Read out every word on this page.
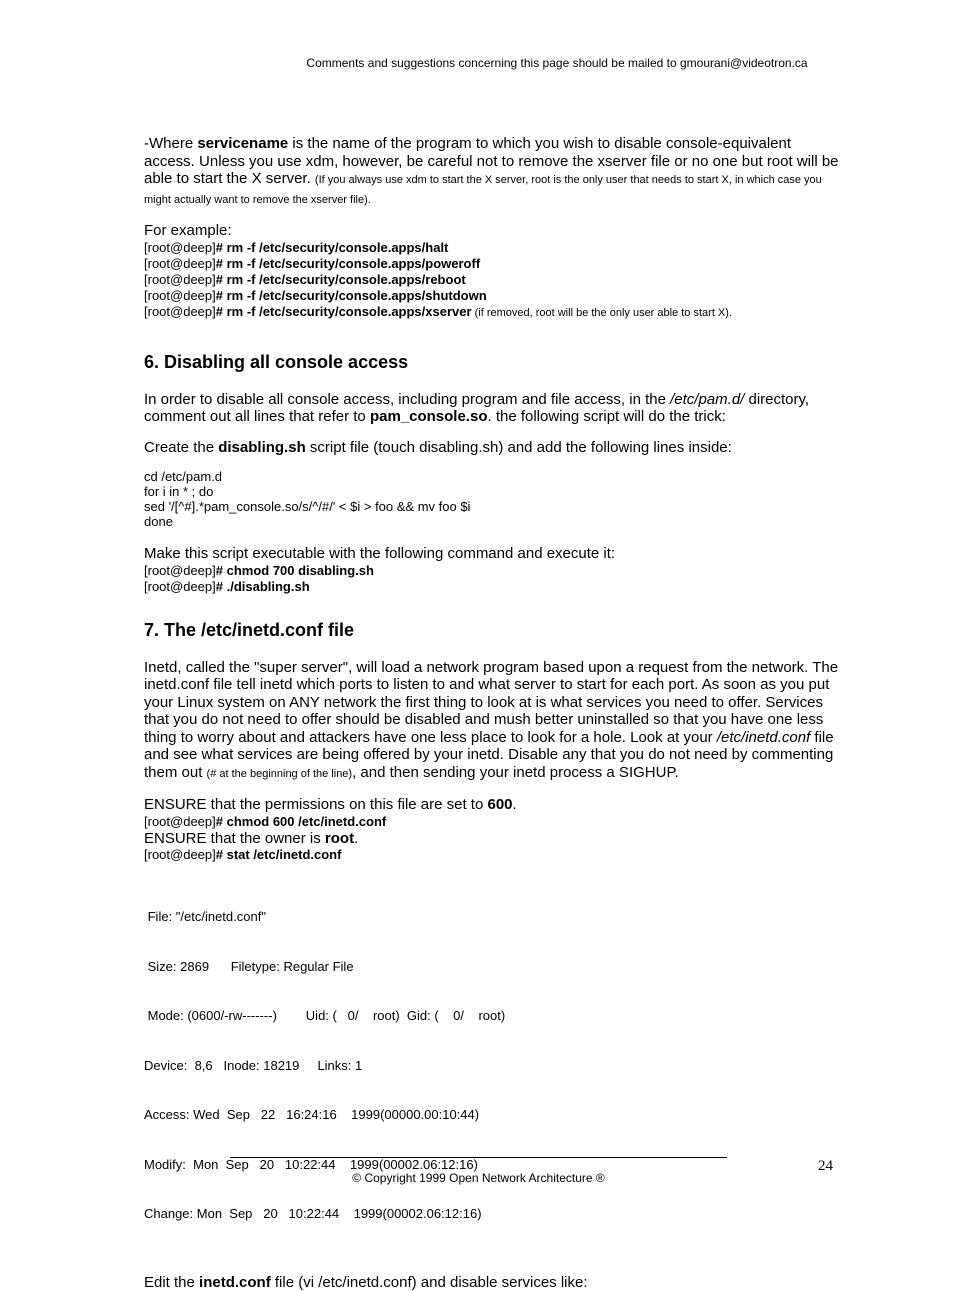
Comments and suggestions concerning this page should be mailed to gmourani@videotron.ca

-Where servicename is the name of the program to which you wish to disable console-equivalent access. Unless you use xdm, however, be careful not to remove the xserver file or no one but root will be able to start the X server. (If you always use xdm to start the X server, root is the only user that needs to start X, in which case you might actually want to remove the xserver file).

For example:

[root@deep]# rm -f /etc/security/console.apps/halt
[root@deep]# rm -f /etc/security/console.apps/poweroff
[root@deep]# rm -f /etc/security/console.apps/reboot
[root@deep]# rm -f /etc/security/console.apps/shutdown
[root@deep]# rm -f /etc/security/console.apps/xserver (if removed, root will be the only user able to start X).
6. Disabling all console access

In order to disable all console access, including program and file access, in the /etc/pam.d/ directory, comment out all lines that refer to pam_console.so. the following script will do the trick:

Create the disabling.sh script file (touch disabling.sh) and add the following lines inside:

cd /etc/pam.d
for i in * ; do
sed '/[^#].*pam_console.so/s/^/#/' < $i > foo && mv foo $i
done

Make this script executable with the following command and execute it:

[root@deep]# chmod 700 disabling.sh
[root@deep]# ./disabling.sh
7. The /etc/inetd.conf file

Inetd, called the "super server", will load a network program based upon a request from the network. The inetd.conf file tell inetd which ports to listen to and what server to start for each port. As soon as you put your Linux system on ANY network the first thing to look at is what services you need to offer. Services that you do not need to offer should be disabled and mush better uninstalled so that you have one less thing to worry about and attackers have one less place to look for a hole. Look at your /etc/inetd.conf file and see what services are being offered by your inetd. Disable any that you do not need by commenting them out (# at the beginning of the line), and then sending your inetd process a SIGHUP.

ENSURE that the permissions on this file are set to 600.

[root@deep]# chmod 600 /etc/inetd.conf

ENSURE that the owner is root.

[root@deep]# stat /etc/inetd.conf

File: "/etc/inetd.conf"

Size: 2869      Filetype: Regular File

Mode: (0600/-rw-------)        Uid: (   0/    root)  Gid: (    0/    root)

Device:  8,6   Inode: 18219     Links: 1

Access: Wed  Sep   22   16:24:16    1999(00000.00:10:44)

Modify:  Mon  Sep   20   10:22:44    1999(00002.06:12:16)

Change: Mon  Sep   20   10:22:44    1999(00002.06:12:16)

Edit the inetd.conf file (vi /etc/inetd.conf) and disable services like:

© Copyright 1999 Open Network Architecture ®
24
